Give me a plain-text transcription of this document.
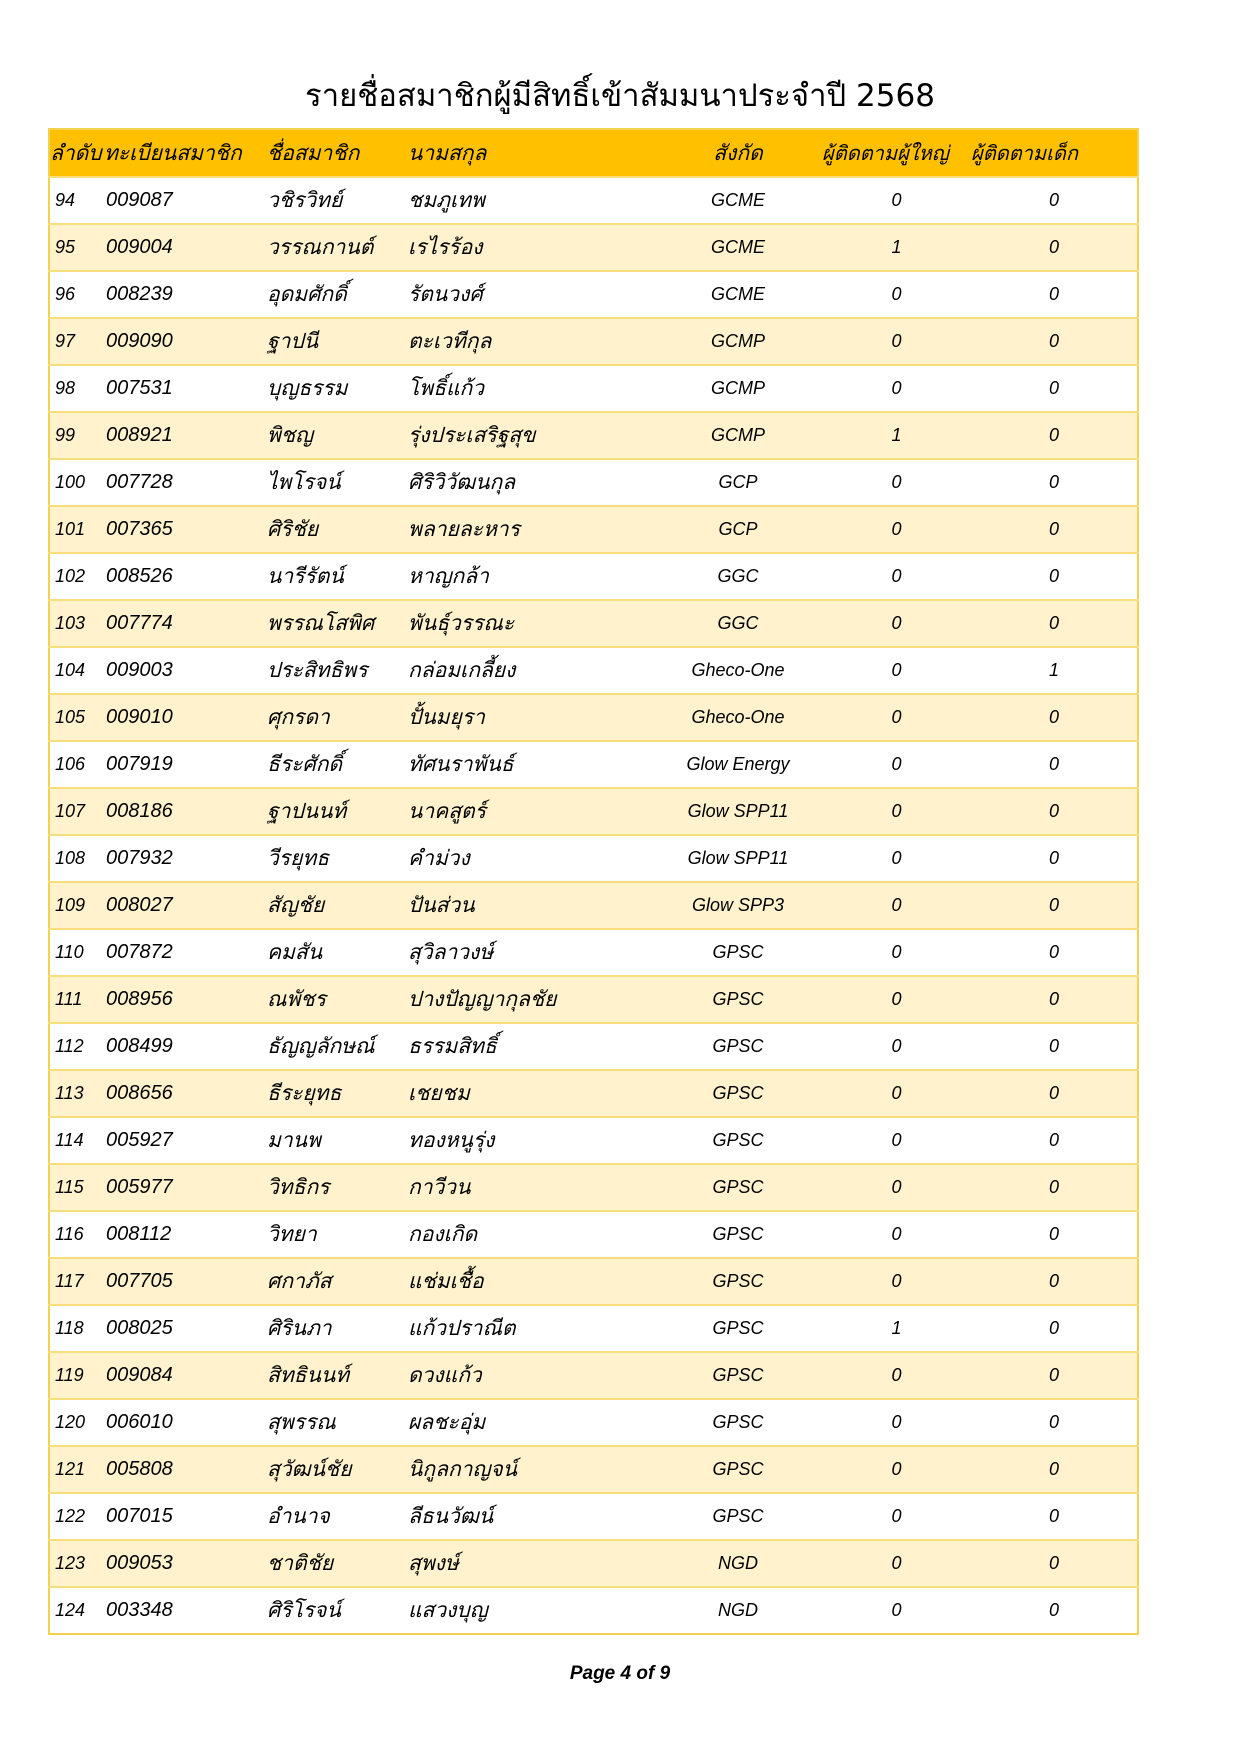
รายชื่อสมาชิกผู้มีสิทธิ์เข้าสัมมนาประจำปี 2568
ลำดับ	ทะเบียนสมาชิก	ชื่อสมาชิก	นามสกุล	สังกัด	ผู้ติดตามผู้ใหญ่	ผู้ติดตามเด็ก
94	009087	วชิรวิทย์	ชมภูเทพ	GCME	0	0
95	009004	วรรณกานต์	เรไรร้อง	GCME	1	0
96	008239	อุดมศักดิ์	รัตนวงศ์	GCME	0	0
97	009090	ฐาปนี	ตะเวทีกุล	GCMP	0	0
98	007531	บุญธรรม	โพธิ์แก้ว	GCMP	0	0
99	008921	พิชญ	รุ่งประเสริฐสุข	GCMP	1	0
100	007728	ไพโรจน์	ศิริวิวัฒนกุล	GCP	0	0
101	007365	ศิริชัย	พลายละหาร	GCP	0	0
102	008526	นารีรัตน์	หาญกล้า	GGC	0	0
103	007774	พรรณโสพิศ	พันธุ์วรรณะ	GGC	0	0
104	009003	ประสิทธิพร	กล่อมเกลี้ยง	Gheco-One	0	1
105	009010	ศุกรดา	ปั้นมยุรา	Gheco-One	0	0
106	007919	ธีระศักดิ์	ทัศนราพันธ์	Glow Energy	0	0
107	008186	ฐาปนนท์	นาคสูตร์	Glow SPP11	0	0
108	007932	วีรยุทธ	คำม่วง	Glow SPP11	0	0
109	008027	สัญชัย	ปันส่วน	Glow SPP3	0	0
110	007872	คมสัน	สุวิลาวงษ์	GPSC	0	0
111	008956	ณพัชร	ปางปัญญากุลชัย	GPSC	0	0
112	008499	ธัญญลักษณ์	ธรรมสิทธิ์	GPSC	0	0
113	008656	ธีระยุทธ	เชยชม	GPSC	0	0
114	005927	มานพ	ทองหนูรุ่ง	GPSC	0	0
115	005977	วิทธิกร	กาวีวน	GPSC	0	0
116	008112	วิทยา	กองเกิด	GPSC	0	0
117	007705	ศกาภัส	แช่มเชื้อ	GPSC	0	0
118	008025	ศิรินภา	แก้วปราณีต	GPSC	1	0
119	009084	สิทธินนท์	ดวงแก้ว	GPSC	0	0
120	006010	สุพรรณ	ผลชะอุ่ม	GPSC	0	0
121	005808	สุวัฒน์ชัย	นิกูลกาญจน์	GPSC	0	0
122	007015	อำนาจ	ลีธนวัฒน์	GPSC	0	0
123	009053	ชาติชัย	สุพงษ์	NGD	0	0
124	003348	ศิริโรจน์	แสวงบุญ	NGD	0	0
Page 4 of 9
